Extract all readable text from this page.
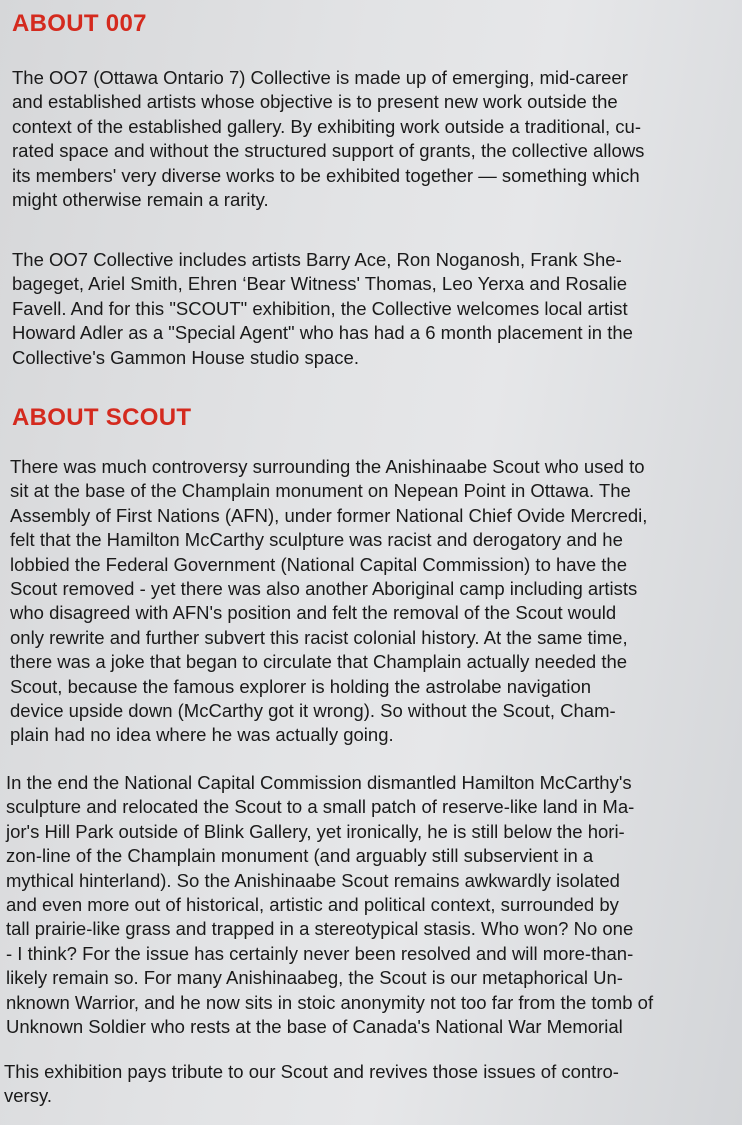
ABOUT 007

The OO7 (Ottawa Ontario 7) Collective is made up of emerging, mid-career
and established artists whose objective is to present new work outside the
context of the established gallery. By exhibiting work outside a traditional, cu-
rated space and without the structured support of grants, the collective allows
its members' very diverse works to be exhibited together — something which
might otherwise remain a rarity.

The OO7 Collective includes artists Barry Ace, Ron Noganosh, Frank She-
bageget, Ariel Smith, Ehren ‘Bear Witness' Thomas, Leo Yerxa and Rosalie
Favell. And for this "SCOUT" exhibition, the Collective welcomes local artist
Howard Adler as a "Special Agent" who has had a 6 month placement in the
Collective's Gammon House studio space.

ABOUT SCOUT

There was much controversy surrounding the Anishinaabe Scout who used to
sit at the base of the Champlain monument on Nepean Point in Ottawa. The
Assembly of First Nations (AFN), under former National Chief Ovide Mercredi,
felt that the Hamilton McCarthy sculpture was racist and derogatory and he
lobbied the Federal Government (National Capital Commission) to have the
Scout removed - yet there was also another Aboriginal camp including artists
who disagreed with AFN's position and felt the removal of the Scout would
only rewrite and further subvert this racist colonial history. At the same time,
there was a joke that began to circulate that Champlain actually needed the
Scout, because the famous explorer is holding the astrolabe navigation
device upside down (McCarthy got it wrong). So without the Scout, Cham-
plain had no idea where he was actually going.

In the end the National Capital Commission dismantled Hamilton McCarthy's
sculpture and relocated the Scout to a small patch of reserve-like land in Ma-
jor's Hill Park outside of Blink Gallery, yet ironically, he is still below the hori-
zon-line of the Champlain monument (and arguably still subservient in a
mythical hinterland). So the Anishinaabe Scout remains awkwardly isolated
and even more out of historical, artistic and political context, surrounded by
tall prairie-like grass and trapped in a stereotypical stasis. Who won? No one
- I think? For the issue has certainly never been resolved and will more-than-
likely remain so. For many Anishinaabeg, the Scout is our metaphorical Un-
nknown Warrior, and he now sits in stoic anonymity not too far from the tomb of
Unknown Soldier who rests at the base of Canada's National War Memorial

This exhibition pays tribute to our Scout and revives those issues of contro-
versy.
